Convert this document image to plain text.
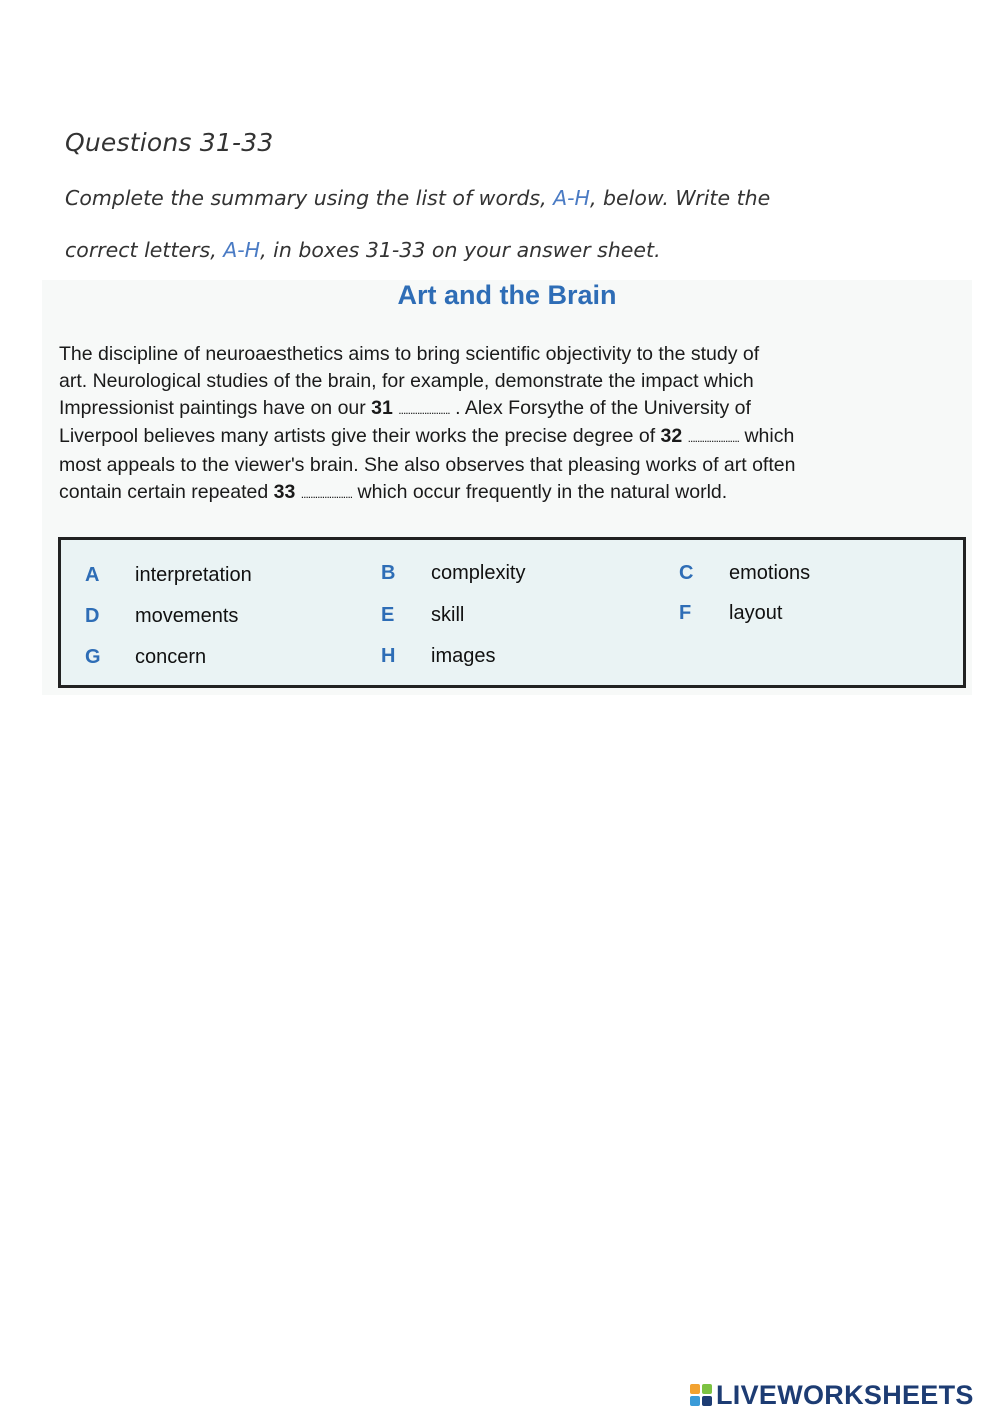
Questions 31-33
Complete the summary using the list of words, A-H, below. Write the
correct letters, A-H, in boxes 31-33 on your answer sheet.
Art and the Brain
The discipline of neuroaesthetics aims to bring scientific objectivity to the study of
art. Neurological studies of the brain, for example, demonstrate the impact which
Impressionist paintings have on our 31 ...................... . Alex Forsythe of the University of
Liverpool believes many artists give their works the precise degree of 32 ...................... which
most appeals to the viewer's brain. She also observes that pleasing works of art often
contain certain repeated 33 ...................... which occur frequently in the natural world.
A interpretation	B complexity	C emotions
D movements	E skill	F layout
G concern	H images
LIVEWORKSHEETS
